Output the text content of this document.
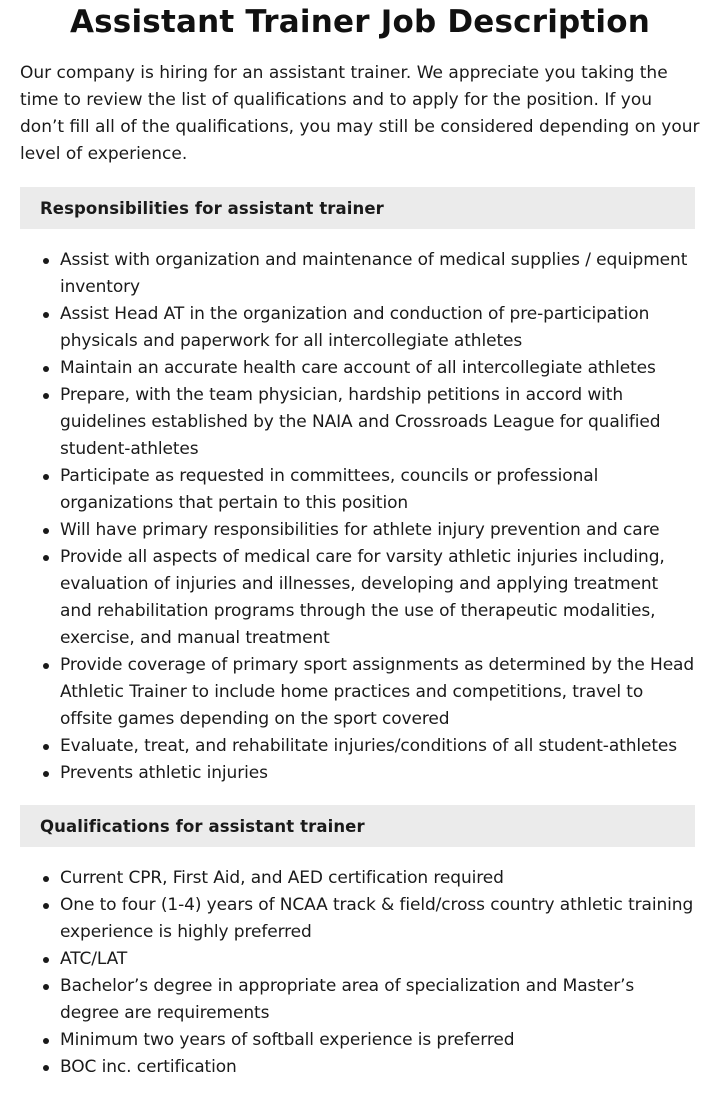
Assistant Trainer Job Description

Our company is hiring for an assistant trainer. We appreciate you taking the time to review the list of qualifications and to apply for the position. If you don’t fill all of the qualifications, you may still be considered depending on your level of experience.

Responsibilities for assistant trainer
Assist with organization and maintenance of medical supplies / equipment inventory
Assist Head AT in the organization and conduction of pre-participation physicals and paperwork for all intercollegiate athletes
Maintain an accurate health care account of all intercollegiate athletes
Prepare, with the team physician, hardship petitions in accord with guidelines established by the NAIA and Crossroads League for qualified student-athletes
Participate as requested in committees, councils or professional organizations that pertain to this position
Will have primary responsibilities for athlete injury prevention and care
Provide all aspects of medical care for varsity athletic injuries including, evaluation of injuries and illnesses, developing and applying treatment and rehabilitation programs through the use of therapeutic modalities, exercise, and manual treatment
Provide coverage of primary sport assignments as determined by the Head Athletic Trainer to include home practices and competitions, travel to offsite games depending on the sport covered
Evaluate, treat, and rehabilitate injuries/conditions of all student-athletes
Prevents athletic injuries
Qualifications for assistant trainer
Current CPR, First Aid, and AED certification required
One to four (1-4) years of NCAA track & field/cross country athletic training experience is highly preferred
ATC/LAT
Bachelor’s degree in appropriate area of specialization and Master’s degree are requirements
Minimum two years of softball experience is preferred
BOC inc. certification
